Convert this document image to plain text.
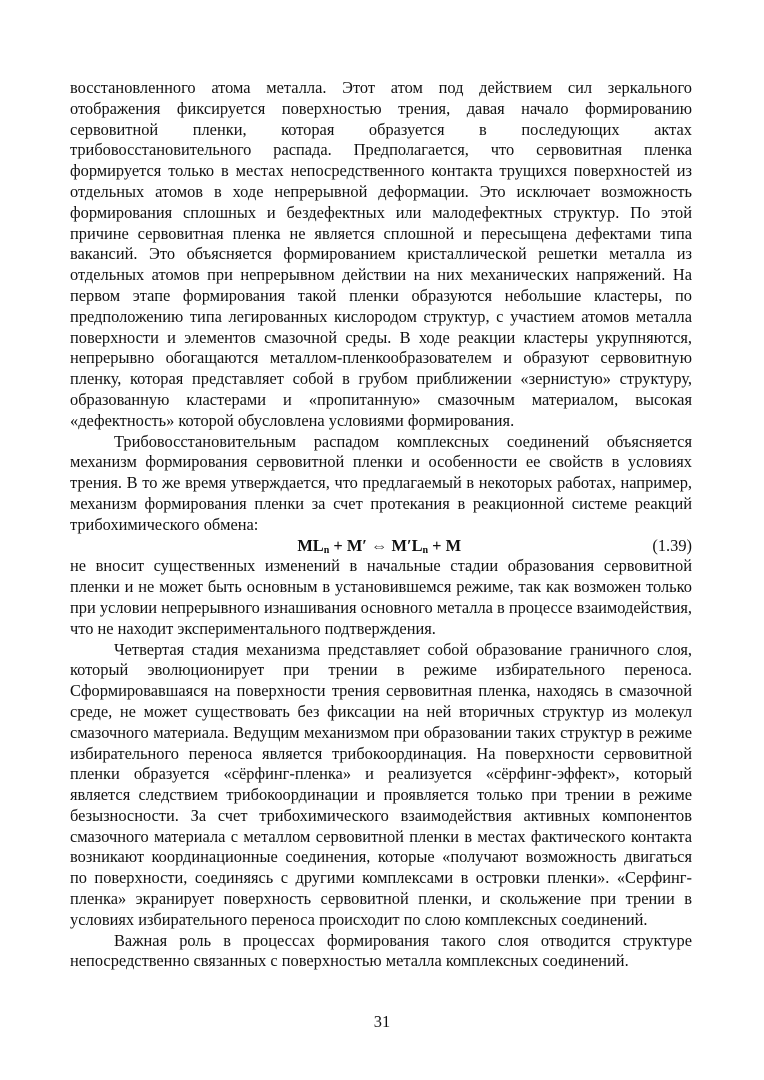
восстановленного атома металла. Этот атом под действием сил зеркального отображения фиксируется поверхностью трения, давая начало формированию сервовитной пленки, которая образуется в последующих актах трибовосстановительного распада. Предполагается, что сервовитная пленка формируется только в местах непосредственного контакта трущихся поверхностей из отдельных атомов в ходе непрерывной деформации. Это исключает возможность формирования сплошных и бездефектных или малодефектных структур. По этой причине сервовитная пленка не является сплошной и пересыщена дефектами типа вакансий. Это объясняется формированием кристаллической решетки металла из отдельных атомов при непрерывном действии на них механических напряжений. На первом этапе формирования такой пленки образуются небольшие кластеры, по предположению типа легированных кислородом структур, с участием атомов металла поверхности и элементов смазочной среды. В ходе реакции кластеры укрупняются, непрерывно обогащаются металлом-пленкообразователем и образуют сервовитную пленку, которая представляет собой в грубом приближении «зернистую» структуру, образованную кластерами и «пропитанную» смазочным материалом, высокая «дефектность» которой обусловлена условиями формирования.

Трибовосстановительным распадом комплексных соединений объясняется механизм формирования сервовитной пленки и особенности ее свойств в условиях трения. В то же время утверждается, что предлагаемый в некоторых работах, например, механизм формирования пленки за счет протекания в реакционной системе реакций трибохимического обмена:

$ML_n + M'$ ⇔ $M'L_n + M$	(1.39)

не вносит существенных изменений в начальные стадии образования сервовитной пленки и не может быть основным в установившемся режиме, так как возможен только при условии непрерывного изнашивания основного металла в процессе взаимодействия, что не находит экспериментального подтверждения.

Четвертая стадия механизма представляет собой образование граничного слоя, который эволюционирует при трении в режиме избирательного переноса. Сформировавшаяся на поверхности трения сервовитная пленка, находясь в смазочной среде, не может существовать без фиксации на ней вторичных структур из молекул смазочного материала. Ведущим механизмом при образовании таких структур в режиме избирательного переноса является трибокоординация. На поверхности сервовитной пленки образуется «сёрфинг-пленка» и реализуется «сёрфинг-эффект», который является следствием трибокоординации и проявляется только при трении в режиме безызносности. За счет трибохимического взаимодействия активных компонентов смазочного материала с металлом сервовитной пленки в местах фактического контакта возникают координационные соединения, которые «получают возможность двигаться по поверхности, соединяясь с другими комплексами в островки пленки». «Серфинг-пленка» экранирует поверхность сервовитной пленки, и скольжение при трении в условиях избирательного переноса происходит по слою комплексных соединений.

Важная роль в процессах формирования такого слоя отводится структуре непосредственно связанных с поверхностью металла комплексных соединений.

31
